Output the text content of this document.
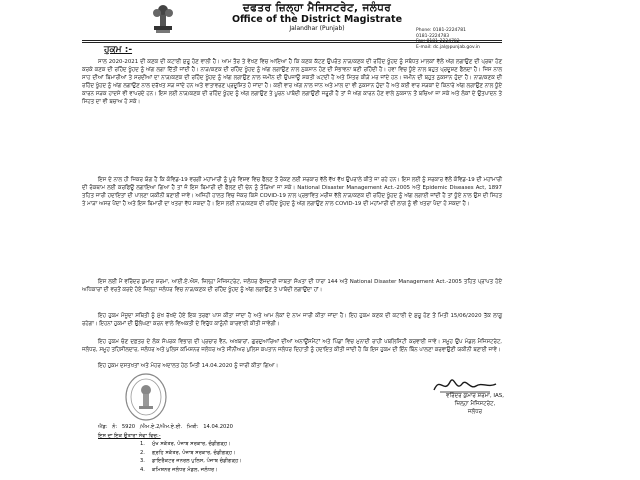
ਦਫਤਰ ਜ਼ਿਲ੍ਹਾ ਮੈਜਿਸਟਰੇਟ, ਜਲੰਧਰ
Office of the District Magistrate
Jalandhar (Punjab)	Phone: 0181-2224781
0181-2224783
Fax: 0181-2224782
E-mail: dc.jal@punjab.gov.in
ਹੁਕਮ :-
ਸਾਲ 2020-2021 ਦੀ ਕਣਕ ਦੀ ਕਟਾਈ ਸ਼ੁਰੂ ਹੋਣ ਵਾਲੀ ਹੈ। ਆਮ ਤੌਰ ਤੇ ਵੇਖਣ ਵਿਚ ਆਇਆ ਹੈ ਕਿ ਕਣਕ ਕੱਟਣ ਉਪਰੰਤ ਨਾੜ/ਕਣਕ ਦੀ ਰਹਿੰਦ ਖੂੰਹਦ ਨੂੰ ਸਬੰਧਤ ਮਾਲਕਾਂ ਵੱਲੋਂ ਅੱਗ ਲਗਾਉਣ ਦੀ ਪ੍ਰਥਾ ਹੋਣ ਕਰਕੇ ਕਣਕ ਦੀ ਰਹਿੰਦ ਖੂੰਹਦ ਨੂੰ ਅੱਗ ਲਗਾ ਦਿੱਤੀ ਜਾਂਦੀ ਹੈ। ਨਾੜ/ਕਣਕ ਦੀ ਰਹਿੰਦ ਖੂੰਹਦ ਨੂੰ ਅੱਗ ਲਗਾਉਣ ਨਾਲ ਨੁਕਸਾਨ ਹੋਣ ਦੀ ਸੰਭਾਵਨਾ ਬਣੀ ਰਹਿੰਦੀ ਹੈ। ਹਵਾ ਵਿਚ ਧੂੰਏ ਨਾਲ ਬਹੁਤ ਪ੍ਰਦੂਸ਼ਣ ਫੈਲਦਾ ਹੈ। ਜਿਸ ਨਾਲ ਸਾਹ ਦੀਆਂ ਬਿਮਾਰੀਆਂ ਤੇ ਸਰਦੀਆਂ ਦਾ ਨਾੜ/ਕਣਕ ਦੀ ਰਹਿੰਦ ਖੂੰਹਦ ਨੂੰ ਅੱਗ ਲਗਾਉਣ ਨਾਲ ਜ਼ਮੀਨ ਦੀ ਉਪਜਾਊ ਸ਼ਕਤੀ ਘਟਦੀ ਹੈ ਅਤੇ ਮਿੱਤਰ ਕੀੜੇ ਮਰ ਜਾਂਦੇ ਹਨ। ਜ਼ਮੀਨ ਦੀ ਬਹੁਤ ਨੁਕਸਾਨ ਹੁੰਦਾ ਹੈ। ਨਾੜ/ਕਣਕ ਦੀ ਰਹਿੰਦ ਖੂੰਹਦ ਨੂੰ ਅੱਗ ਲਗਾਉਣ ਨਾਲ ਦਰੱਖਤ ਸੜ ਜਾਂਦੇ ਹਨ ਅਤੇ ਵਾਤਾਵਰਣ ਪ੍ਰਦੂਸ਼ਿਤ ਹੋ ਜਾਂਦਾ ਹੈ। ਕਈ ਵਾਰ ਅੱਗ ਨਾਲ ਜਾਨ ਅਤੇ ਮਾਲ ਦਾ ਵੀ ਨੁਕਸਾਨ ਹੁੰਦਾ ਹੈ ਅਤੇ ਕਈ ਵਾਰ ਸੜਕਾਂ ਦੇ ਕਿਨਾਰੇ ਅੱਗ ਲਗਾਉਣ ਨਾਲ ਧੂੰਏ ਕਾਰਨ ਸੜਕ ਹਾਦਸੇ ਵੀ ਵਾਪਰਦੇ ਹਨ। ਇਸ ਲਈ ਨਾੜ/ਕਣਕ ਦੀ ਰਹਿੰਦ ਖੂੰਹਦ ਨੂੰ ਅੱਗ ਲਗਾਉਣ ਤੇ ਪੂਰਨ ਪਾਬੰਦੀ ਲਗਾਉਣੀ ਜਰੂਰੀ ਹੈ ਤਾਂ ਜੋ ਅੱਗ ਕਾਰਨ ਹੋਣ ਵਾਲੇ ਨੁਕਸਾਨ ਤੋਂ ਬਚਿਆ ਜਾ ਸਕੇ ਅਤੇ ਲੋਕਾਂ ਦੇ ਉਤਪਾਦਨ ਤੇ ਸਿਹਤ ਦਾ ਵੀ ਬਚਾਅ ਹੋ ਸਕੇ।
ਇਸ ਦੇ ਨਾਲ ਹੀ ਜਿਕਰ ਯੋਗ ਹੈ ਕਿ ਕੋਵਿਡ-19 ਵਰਗੀ ਮਹਾਂਮਾਰੀ ਨੂੰ ਪੂਰੇ ਵਿਸ਼ਵ ਵਿਚ ਫੈਲਣ ਤੋਂ ਰੋਕਣ ਲਈ ਸਰਕਾਰ ਵੱਲੋਂ ਵੱਖ ਵੱਖ ਉਪਰਾਲੇ ਕੀਤੇ ਜਾ ਰਹੇ ਹਨ। ਇਸ ਲਈ ਨੂੰ ਸਰਕਾਰ ਵੱਲੋਂ ਕੋਵਿਡ-19 ਦੀ ਮਹਾਂਮਾਰੀ ਦੀ ਰੋਕਥਾਮ ਲਈ ਕਰਫਿਊ ਲਗਾਇਆ ਗਿਆ ਹੈ ਤਾਂ ਜੋ ਇਸ ਬਿਮਾਰੀ ਦੀ ਫੈਲਣ ਦੀ ਚੇਨ ਨੂੰ ਤੋੜਿਆ ਜਾ ਸਕੇ। National Disaster Management Act.-2005 ਅਤੇ Epidemic Diseases Act, 1897 ਤਹਿਤ ਜਾਰੀ ਹਦਾਇਤਾਂ ਦੀ ਪਾਲਣਾ ਯਕੀਨੀ ਬਣਾਈ ਜਾਵੇ। ਅਜਿਹੀ ਹਾਲਤ ਵਿਚ ਜੇਕਰ ਕਿਸੇ COVID-19 ਨਾਲ ਪ੍ਰਭਾਵਿਤ ਮਰੀਜ਼ ਵੱਲੋਂ ਨਾੜ/ਕਣਕ ਦੀ ਰਹਿੰਦ ਖੂੰਹਦ ਨੂੰ ਅੱਗ ਲਗਾਈ ਜਾਂਦੀ ਹੈ ਤਾਂ ਧੂੰਏ ਨਾਲ ਉਸ ਦੀ ਸਿਹਤ ਤੇ ਮਾੜਾ ਅਸਰ ਪੈਂਦਾ ਹੈ ਅਤੇ ਇਸ ਬਿਮਾਰੀ ਦਾ ਖਤਰਾ ਵੱਧ ਸਕਦਾ ਹੈ। ਇਸ ਲਈ ਨਾੜ/ਕਣਕ ਦੀ ਰਹਿੰਦ ਖੂੰਹਦ ਨੂੰ ਅੱਗ ਲਗਾਉਣ ਨਾਲ COVID-19 ਦੀ ਮਹਾਂਮਾਰੀ ਦੀ ਲਾਗ ਨੂੰ ਵੀ ਖਤਰਾ ਪੈਦਾ ਹੋ ਸਕਦਾ ਹੈ।
ਇਸ ਲਈ ਮੈਂ ਵਰਿੰਦਰ ਕੁਮਾਰ ਸ਼ਰਮਾ, ਆਈ.ਏ.ਐਸ, ਜ਼ਿਲ੍ਹਾ ਮੈਜਿਸਟਰੇਟ, ਜਲੰਧਰ ਫੌਜਦਾਰੀ ਜਾਬਤਾ ਸੰਘਤਾ ਦੀ ਧਾਰਾ 144 ਅਤੇ National Disaster Management Act.-2005 ਤਹਿਤ ਪ੍ਰਾਪਤ ਹੋਏ ਅਧਿਕਾਰਾਂ ਦੀ ਵਰਤੋਂ ਕਰਦੇ ਹੋਏ ਜ਼ਿਲ੍ਹਾ ਜਲੰਧਰ ਵਿਚ ਨਾੜ/ਕਣਕ ਦੀ ਰਹਿੰਦ ਖੂੰਹਦ ਨੂੰ ਅੱਗ ਲਗਾਉਣ ਤੇ ਪਾਬੰਦੀ ਲਗਾਉਂਦਾ ਹਾਂ।
ਇਹ ਹੁਕਮ ਮੌਜੂਦਾ ਸਥਿਤੀ ਨੂੰ ਮੁੱਖ ਰੱਖਦੇ ਹੋਏ ਇਕ ਤਰਫਾ ਪਾਸ ਕੀਤਾ ਜਾਂਦਾ ਹੈ ਅਤੇ ਆਮ ਲੋਕਾਂ ਦੇ ਨਾਮ ਜਾਰੀ ਕੀਤਾ ਜਾਂਦਾ ਹੈ। ਇਹ ਹੁਕਮ ਕਣਕ ਦੀ ਕਟਾਈ ਦੇ ਸ਼ੁਰੂ ਹੋਣ ਤੋਂ ਮਿਤੀ 15/06/2020 ਤੱਕ ਲਾਗੂ ਰਹੇਗਾ। ਇਹਨਾਂ ਹੁਕਮਾਂ ਦੀ ਉਲੰਘਣਾ ਕਰਨ ਵਾਲੇ ਵਿਅਕਤੀ ਦੇ ਵਿਰੁੱਧ ਕਾਨੂੰਨੀ ਕਾਰਵਾਈ ਕੀਤੀ ਜਾਵੇਗੀ।
ਇਹ ਹੁਕਮ ਚੋਣ ਦਫ਼ਤਰ ਦੇ ਲੋਕ ਸੰਪਰਕ ਵਿਭਾਗ ਦੀ ਪ੍ਰਚਾਰ ਵੈਨ, ਅਖਬਾਰਾਂ, ਗੁਰਦੁਆਰਿਆਂ ਦੀਆਂ ਅਨਾਊਂਸਮੈਂਟਾਂ ਅਤੇ ਪਿੰਡਾਂ ਵਿਚ ਮੁਨਾਦੀ ਰਾਹੀਂ ਪਬਲਿਸਿਟੀ ਕਰਵਾਈ ਜਾਵੇ। ਸਮੂਹ ਉਪ ਮੰਡਲ ਮੈਜਿਸਟਰੇਟ, ਜਲੰਧਰ, ਸਮੂਹ ਤਹਿਸੀਲਦਾਰ, ਜਲੰਧਰ ਅਤੇ ਪੁਲਿਸ ਕਮਿਸ਼ਨਰ ਜਲੰਧਰ ਅਤੇ ਸੀਨੀਅਰ ਪੁਲਿਸ ਕਪਤਾਨ ਜਲੰਧਰ ਦਿਹਾਤੀ ਨੂੰ ਹਦਾਇਤ ਕੀਤੀ ਜਾਂਦੀ ਹੈ ਕਿ ਇਸ ਹੁਕਮ ਦੀ ਇੰਨ ਬਿੰਨ ਪਾਲਣਾ ਕਰਵਾਉਣੀ ਯਕੀਨੀ ਬਣਾਈ ਜਾਵੇ।
ਇਹ ਹੁਕਮ ਦਸਤਖਤਾਂ ਅਤੇ ਮੋਹਰ ਅਦਾਲਤ ਹੇਠ ਮਿਤੀ 14.04.2020 ਨੂੰ ਜਾਰੀ ਕੀਤਾ ਗਿਆ।
ਵਰਿੰਦਰ ਕੁਮਾਰ ਸ਼ਰਮਾ, IAS,
ਜ਼ਿਲ੍ਹਾ ਮੈਜਿਸਟਰੇਟ,
ਜਲੰਧਰ
ਐਂਡ: ਨੰ: 5920 /ਐਮ.ਏ.2/ਐਮ.ਏ.ਈ. ਮਿਤੀ: 14.04.2020
ਇਸ ਦਾ ਇਕ ਉਤਾਰਾ ਸੇਵਾ ਵਿਚ:-
1. ਮੁੱਖ ਸਕੱਤਰ, ਪੰਜਾਬ ਸਰਕਾਰ, ਚੰਡੀਗੜ੍ਹ।
2. ਗ੍ਰਹਿ ਸਕੱਤਰ, ਪੰਜਾਬ ਸਰਕਾਰ, ਚੰਡੀਗੜ੍ਹ।
3. ਡਾਇਰੈਕਟਰ ਜਨਰਲ ਪੁਲਿਸ, ਪੰਜਾਬ ਚੰਡੀਗੜ੍ਹ।
4. ਕਮਿਸ਼ਨਰ ਜਲੰਧਰ ਮੰਡਲ, ਜਲੰਧਰ।
